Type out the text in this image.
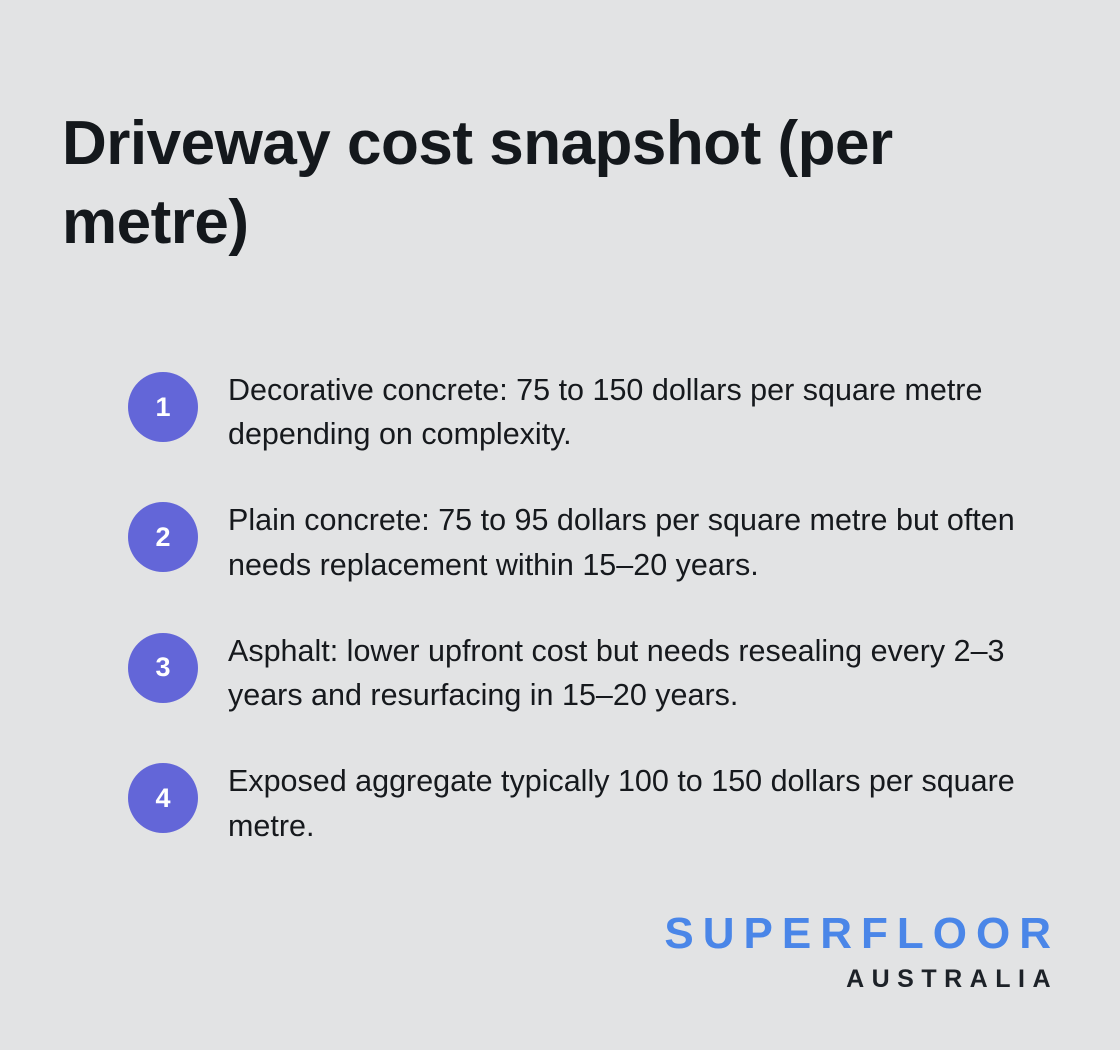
Driveway cost snapshot (per metre)
1	Decorative concrete: 75 to 150 dollars per square metre depending on complexity.
2	Plain concrete: 75 to 95 dollars per square metre but often needs replacement within 15–20 years.
3	Asphalt: lower upfront cost but needs resealing every 2–3 years and resurfacing in 15–20 years.
4	Exposed aggregate typically 100 to 150 dollars per square metre.
SUPERFLOOR
AUSTRALIA
